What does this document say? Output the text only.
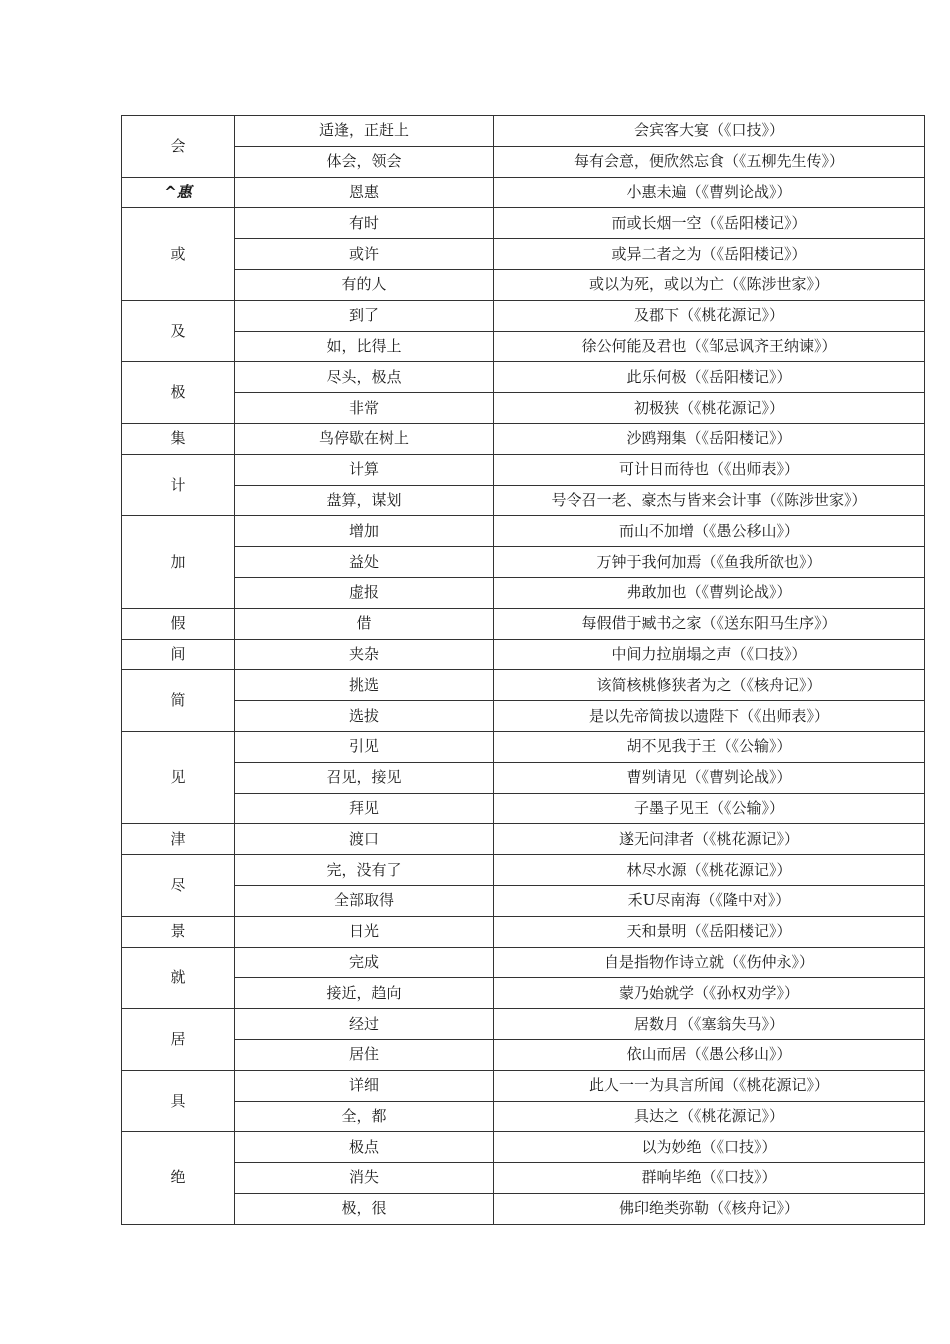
会	适逢，正赶上	会宾客大宴（《口技》）
	体会，领会	每有会意，便欣然忘食（《五柳先生传》）
^惠	恩惠	小惠未遍（《曹刿论战》）
或	有时	而或长烟一空（《岳阳楼记》）
	或许	或异二者之为（《岳阳楼记》）
	有的人	或以为死，或以为亡（《陈涉世家》）
及	到了	及郡下（《桃花源记》）
	如，比得上	徐公何能及君也（《邹忌讽齐王纳谏》）
极	尽头，极点	此乐何极（《岳阳楼记》）
	非常	初极狭（《桃花源记》）
集	鸟停歇在树上	沙鸥翔集（《岳阳楼记》）
计	计算	可计日而待也（《出师表》）
	盘算，谋划	号令召一老、豪杰与皆来会计事（《陈涉世家》）
加	增加	而山不加增（《愚公移山》）
	益处	万钟于我何加焉（《鱼我所欲也》）
	虚报	弗敢加也（《曹刿论战》）
假	借	每假借于臧书之家（《送东阳马生序》）
间	夹杂	中间力拉崩塌之声（《口技》）
简	挑选	该简核桃修狭者为之（《核舟记》）
	选拔	是以先帝简拔以遗陛下（《出师表》）
见	引见	胡不见我于王（《公输》）
	召见，接见	曹刿请见（《曹刿论战》）
	拜见	子墨子见王（《公输》）
津	渡口	遂无问津者（《桃花源记》）
尽	完，没有了	林尽水源（《桃花源记》）
	全部取得	禾U尽南海（《隆中对》）
景	日光	天和景明（《岳阳楼记》）
就	完成	自是指物作诗立就（《伤仲永》）
	接近，趋向	蒙乃始就学（《孙权劝学》）
居	经过	居数月（《塞翁失马》）
	居住	依山而居（《愚公移山》）
具	详细	此人一一为具言所闻（《桃花源记》）
	全，都	具达之（《桃花源记》）
绝	极点	以为妙绝（《口技》）
	消失	群响毕绝（《口技》）
	极，很	佛印绝类弥勒（《核舟记》）
